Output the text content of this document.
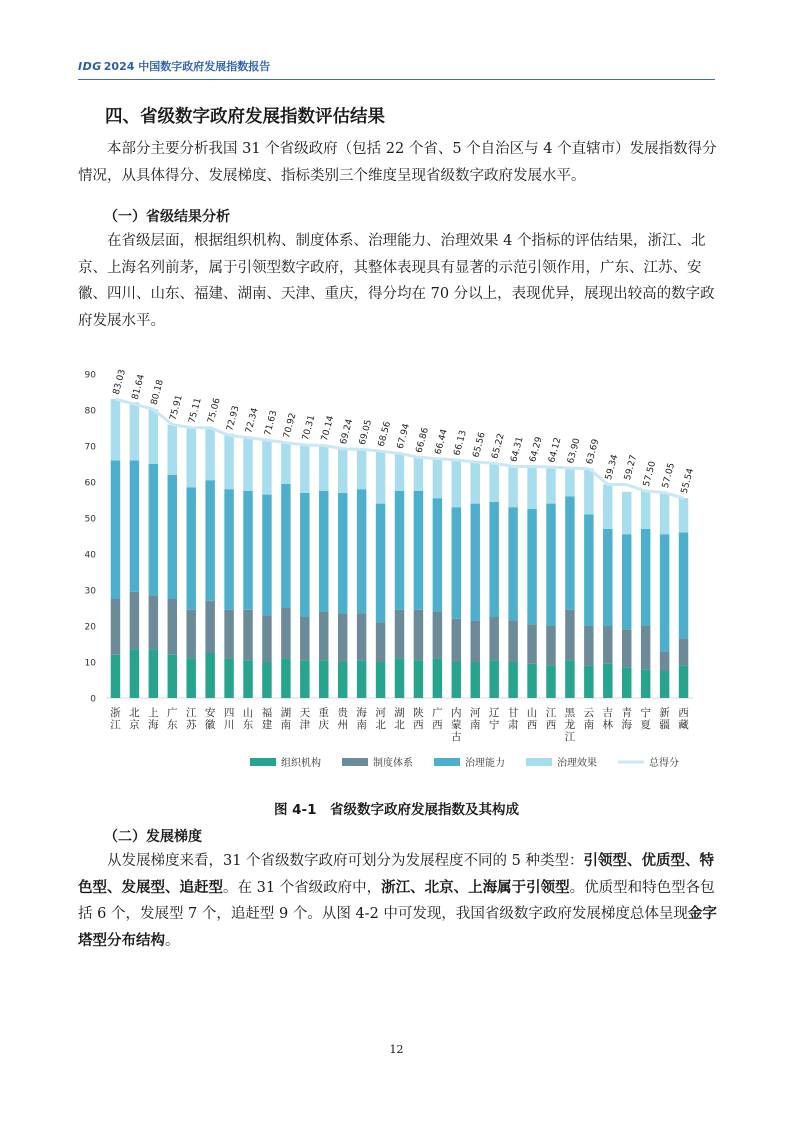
IDG 2024 中国数字政府发展指数报告
四、省级数字政府发展指数评估结果
本部分主要分析我国 31 个省级政府（包括 22 个省、5 个自治区与 4 个直辖市）发展指数得分情况，从具体得分、发展梯度、指标类别三个维度呈现省级数字政府发展水平。
（一）省级结果分析
在省级层面，根据组织机构、制度体系、治理能力、治理效果 4 个指标的评估结果，浙江、北京、上海名列前茅，属于引领型数字政府，其整体表现具有显著的示范引领作用，广东、江苏、安徽、四川、山东、福建、湖南、天津、重庆，得分均在 70 分以上，表现优异，展现出较高的数字政府发展水平。
0
10
20
30
40
50
60
70
80
90
浙
江
北
京
上
海
广
东
江
苏
安
徽
四
川
山
东
福
建
湖
南
天
津
重
庆
贵
州
海
南
河
北
湖
北
陕
西
广
西
内
蒙
古
河
南
辽
宁
甘
肃
山
西
江
西
黑
龙
江
云
南
吉
林
青
海
宁
夏
新
疆
西
藏
83.03 81.64 80.18
75.91 75.11 75.06 72.93 72.34 71.63 70.92 70.31 70.14 69.24 69.05 68.56 67.94 66.86 66.44 66.13 65.56 65.22 64.31 64.29 64.12 63.90 63.69
59.34 59.27 57.50 57.05 55.54
组织机构	制度体系	治理能力	治理效果	总得分
图 4-1　省级数字政府发展指数及其构成
（二）发展梯度
从发展梯度来看，31 个省级数字政府可划分为发展程度不同的 5 种类型：引领型、优质型、特色型、发展型、追赶型。在 31 个省级政府中，浙江、北京、上海属于引领型。优质型和特色型各包括 6 个，发展型 7 个，追赶型 9 个。从图 4-2 中可发现，我国省级数字政府发展梯度总体呈现金字塔型分布结构。
12
